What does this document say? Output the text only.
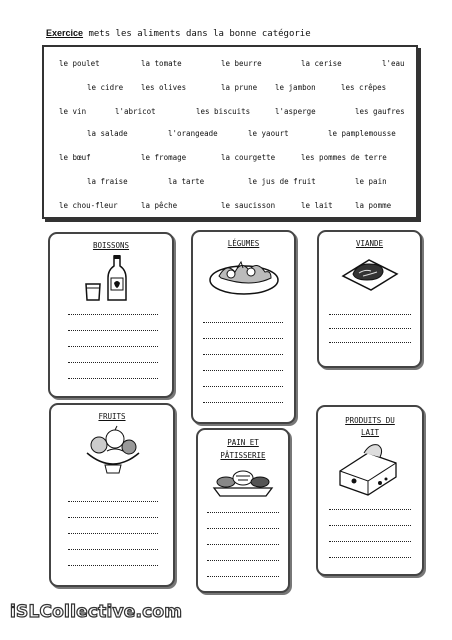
Exercice mets les aliments dans la bonne catégorie
le poulet	la tomate	le beurre	la cerise	l'eau
le cidre les olives	la prune le jambon	les crêpes
le vin	l'abricot	les biscuits	l'asperge	les gaufres
la salade	l'orangeade	le yaourt	le pamplemousse
le bœuf	le fromage	la courgette	les pommes de terre
la fraise	la tarte	le jus de fruit	le pain
le chou-fleur	la pêche	le saucisson	le lait	la pomme
BOISSONS	LÉGUMES	VIANDE
FRUITS
PAIN ET
PÂTISSERIE
PRODUITS DU
LAIT
iSLCollective.com
